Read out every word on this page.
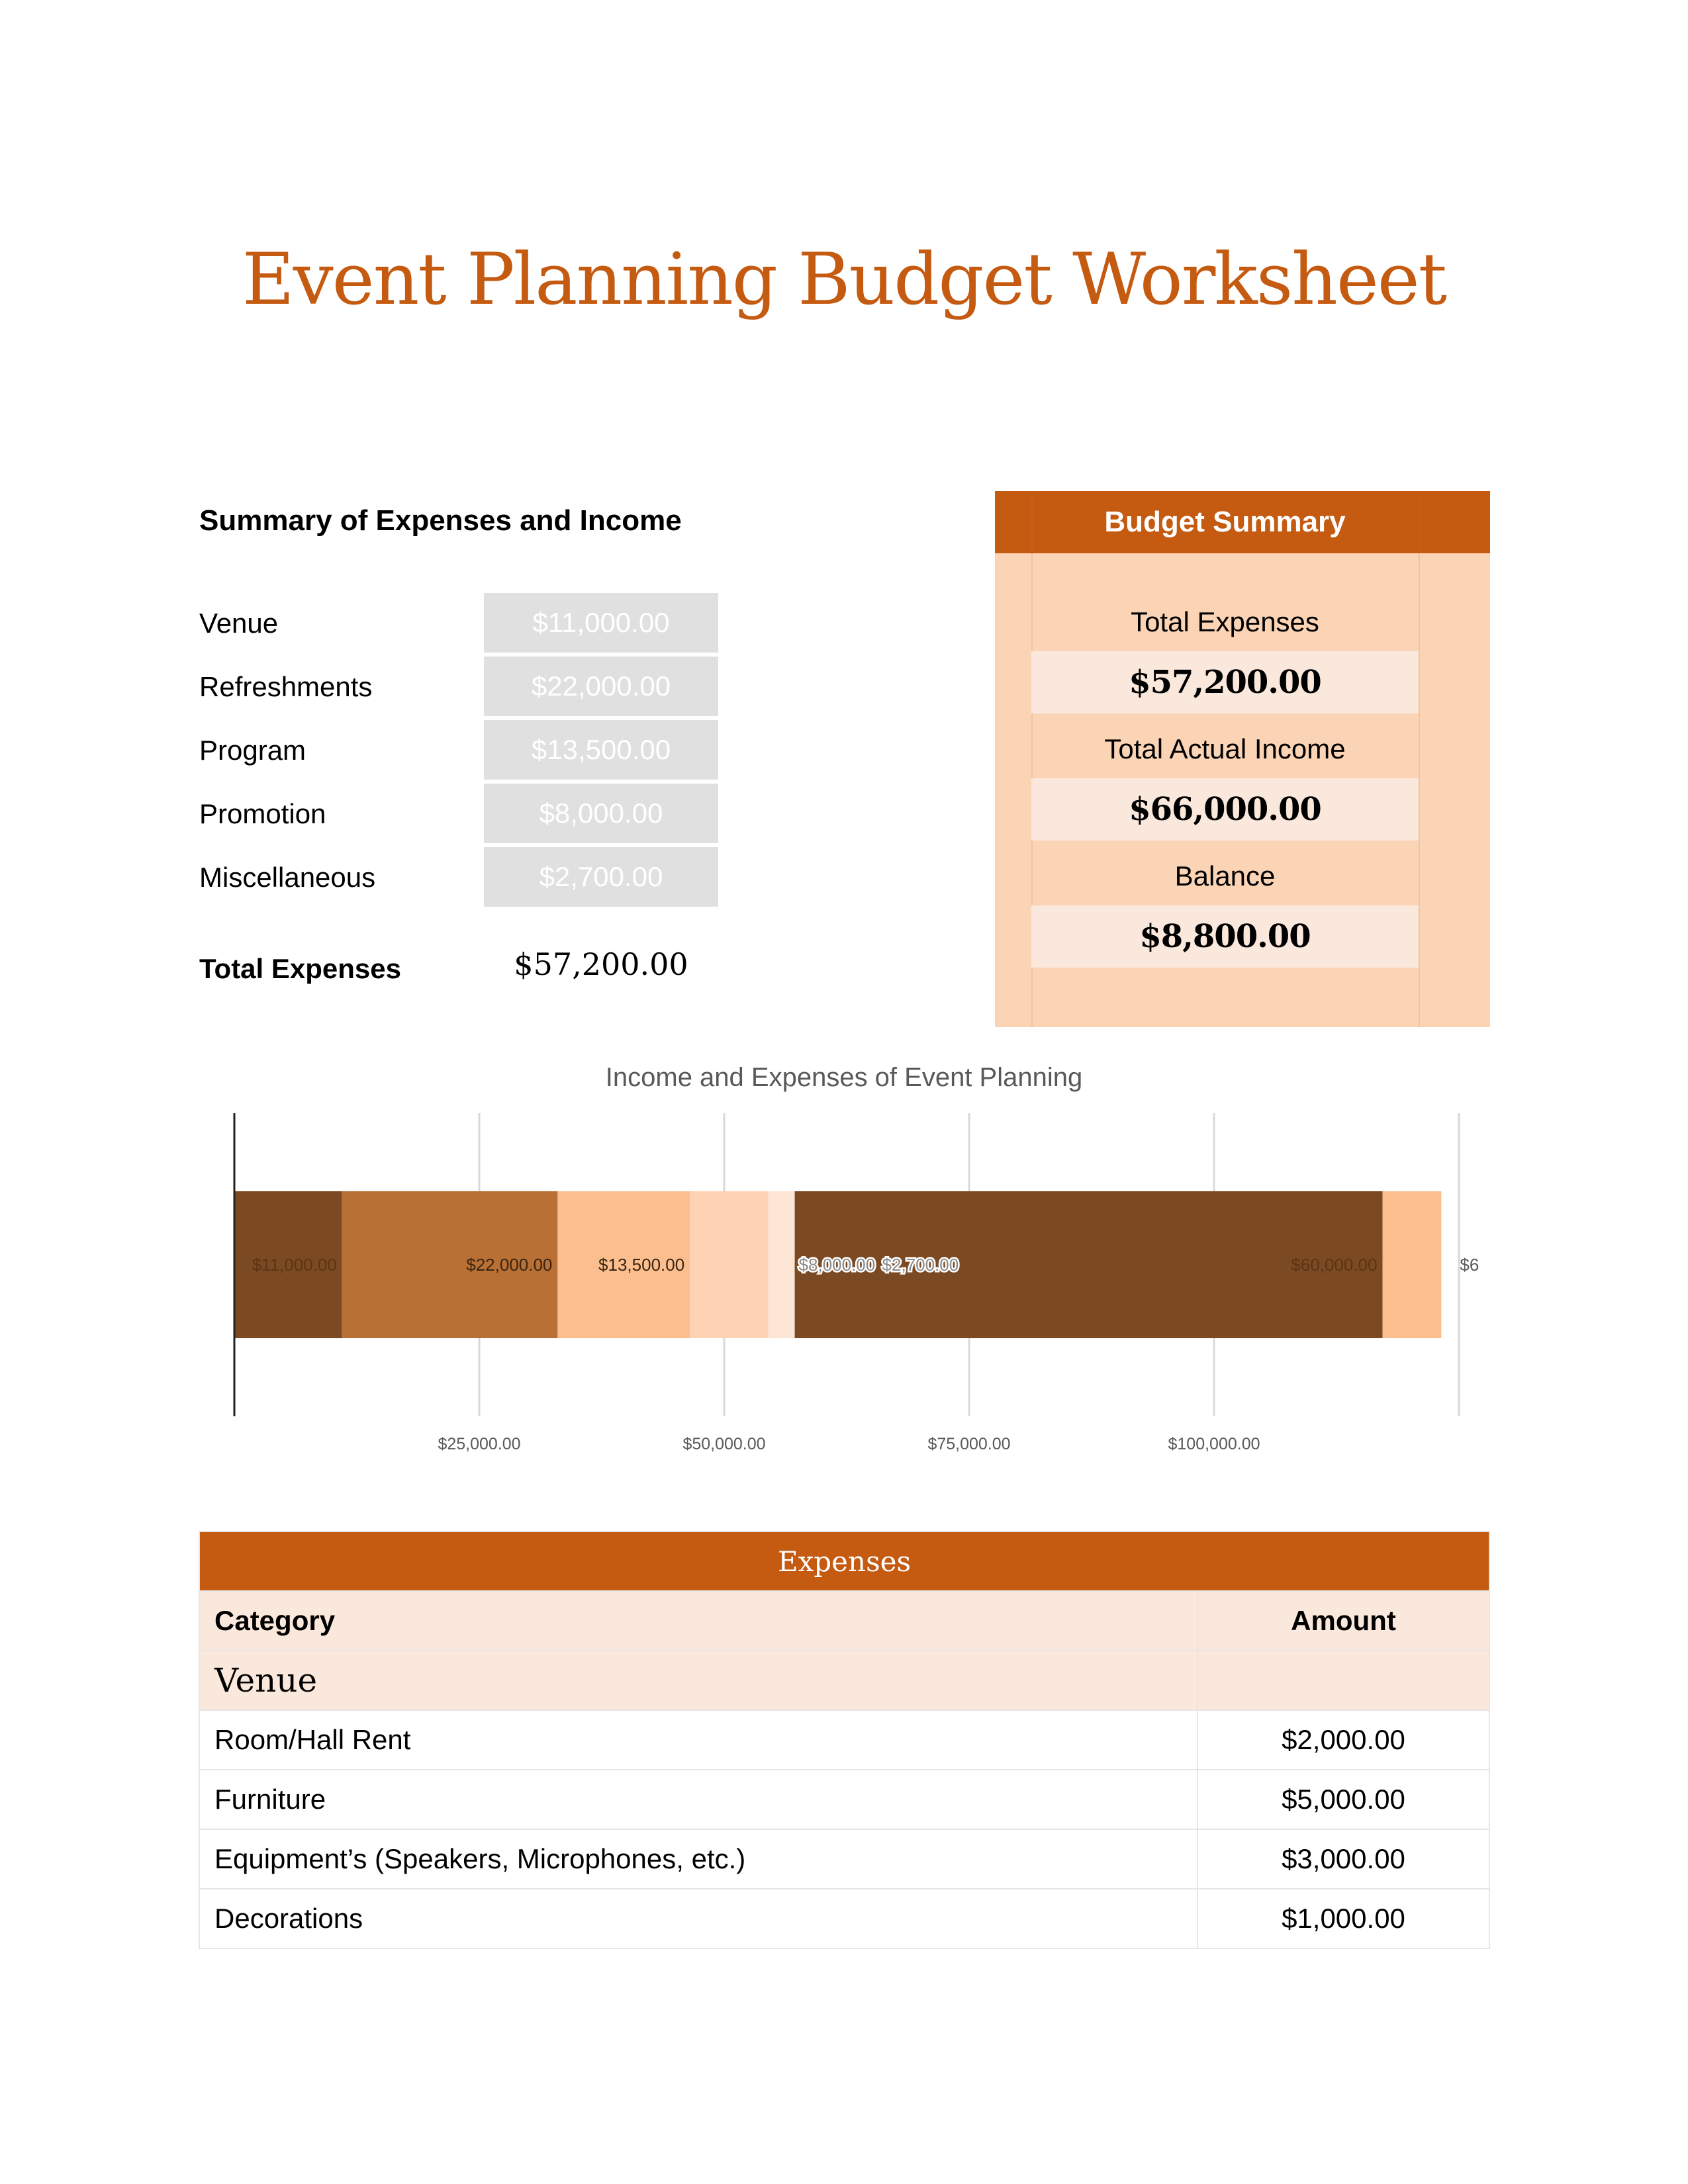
Event Planning Budget Worksheet
Summary of Expenses and Income
Venue	$11,000.00
Refreshments	$22,000.00
Program	$13,500.00
Promotion	$8,000.00
Miscellaneous	$2,700.00
Total Expenses	$57,200.00
Budget Summary
Total Expenses
$57,200.00
Total Actual Income
$66,000.00
Balance
$8,800.00
Income and Expenses of Event Planning
$25,000.00	$50,000.00	$75,000.00	$100,000.00
$11,000.00	$22,000.00	$13,500.00	$8,000.00 $2,700.00	$60,000.00	$6
Expenses	
Category	Amount
Venue	
Room/Hall Rent	$2,000.00
Furniture	$5,000.00
Equipment’s (Speakers, Microphones, etc.)	$3,000.00
Decorations	$1,000.00
